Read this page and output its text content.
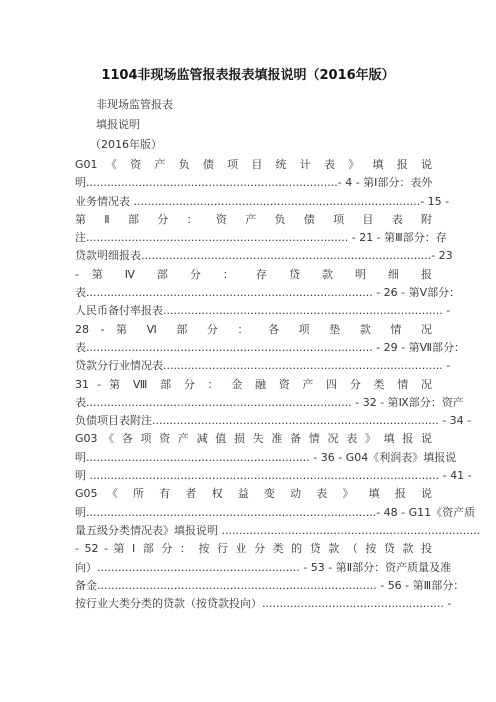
1104非现场监管报表报表填报说明（2016年版）
非现场监管报表
填报说明
（2016年版）
G01 《 资 产 负 债 项 目 统 计 表 》 填 报 说
明........................................................................- 4 - 第Ⅰ部分：表外
业务情况表 ..................................................................................- 15 -
第 Ⅱ 部 分 ： 资 产 负 债 项 目 表 附
注........................................................................... - 21 - 第Ⅲ部分：存
贷款明细报表...................................................................................- 23
- 第 Ⅳ 部 分 ： 存 贷 款 明 细 报
表.................................................................................. - 26 - 第Ⅴ部分：
人民币备付率报表................................................................................ -
28 - 第 Ⅵ 部 分 ： 各 项 垫 款 情 况
表.................................................................................. - 29 - 第Ⅶ部分：
贷款分行业情况表................................................................................ -
31 - 第 Ⅷ 部 分 ： 金 融 资 产 四 分 类 情 况
表............................................................................ - 32 - 第Ⅸ部分：资产
负债项目表附注.................................................................................. - 34 -
G03 《 各 项 资 产 减 值 损 失 准 备 情 况 表 》 填 报 说
明................................................................ - 36 - G04《利润表》填报说
明 .................................................................................................... - 41 -
G05 《 所 有 者 权 益 变 动 表 》 填 报 说
明...................................................................................- 48 - G11《资产质
量五级分类情况表》填报说明 ..........................................................................
- 52 - 第 Ⅰ 部 分 ： 按 行 业 分 类 的 贷 款 （ 按 贷 款 投
向）.......................................................... - 53 - 第Ⅱ部分：资产质量及准
备金................................................................................ - 56 - 第Ⅲ部分：
按行业大类分类的贷款（按贷款投向）.................................................... -
